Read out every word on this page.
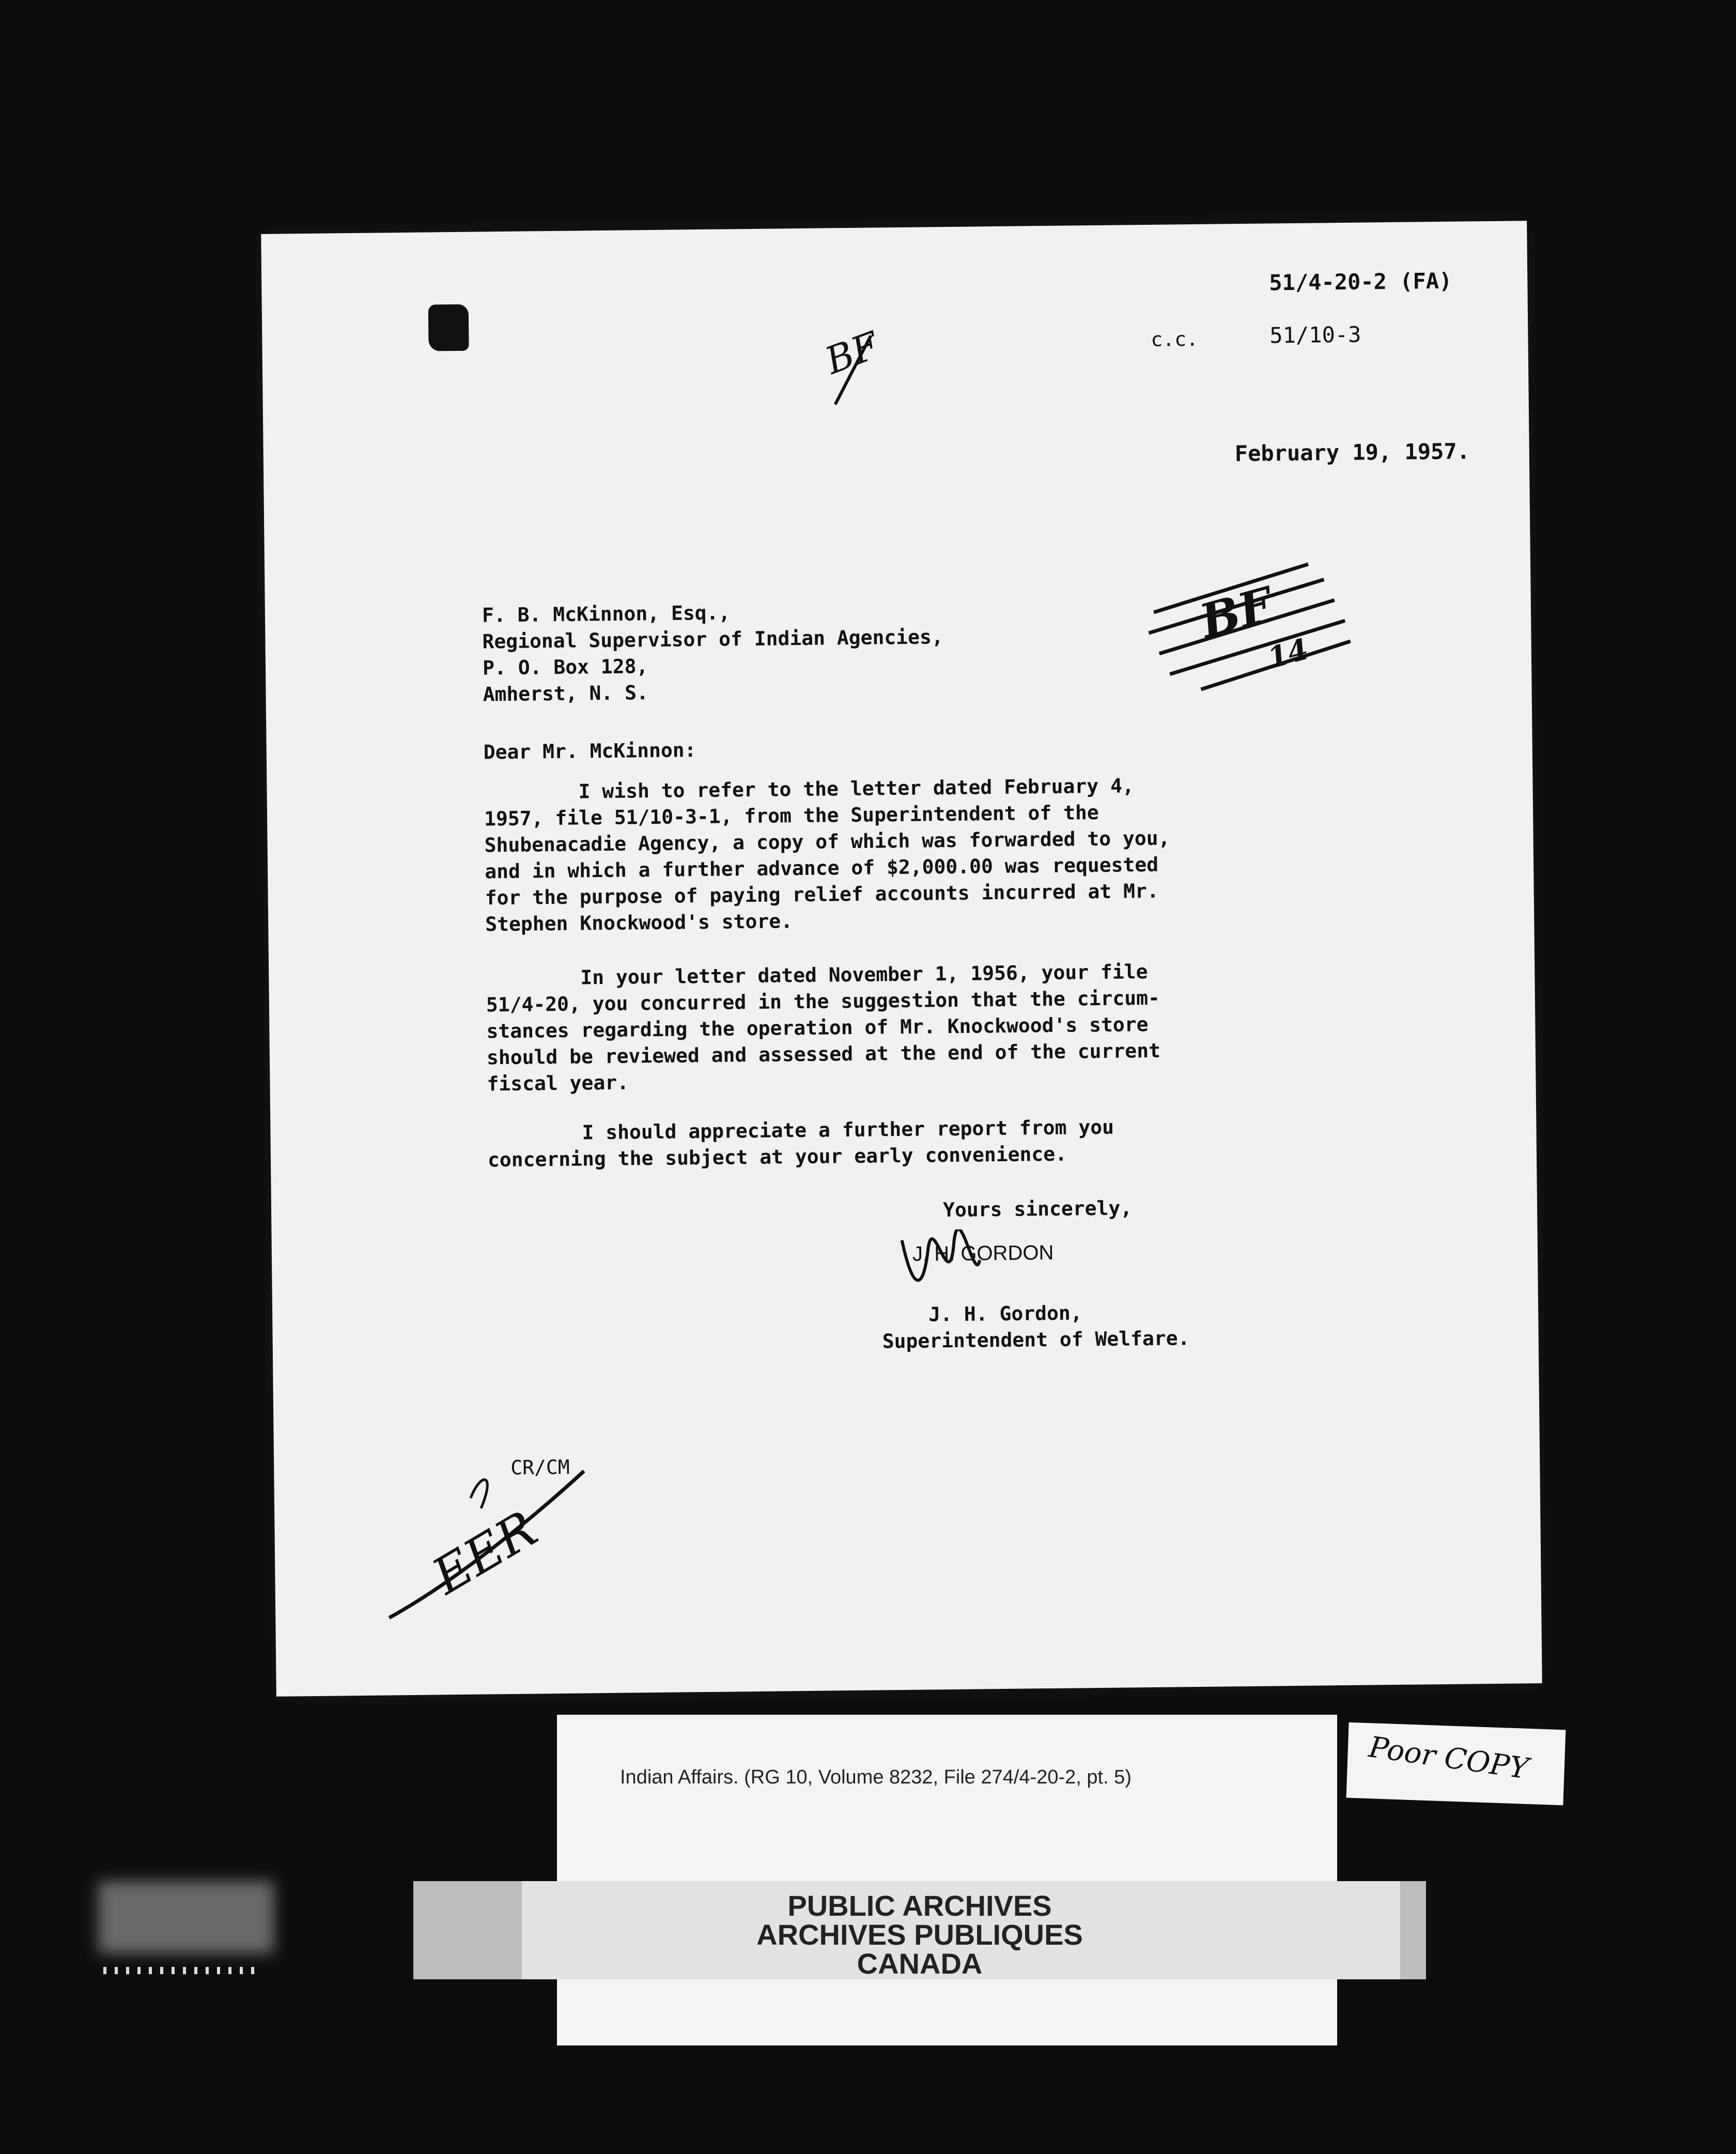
51/4-20-2 (FA)
c.c.	51/10-3
BF
February 19, 1957.
F. B. McKinnon, Esq.,
Regional Supervisor of Indian Agencies,
P. O. Box 128,
Amherst, N. S.
BF
14
Dear Mr. McKinnon:
I wish to refer to the letter dated February 4,
1957, file 51/10-3-1, from the Superintendent of the
Shubenacadie Agency, a copy of which was forwarded to you,
and in which a further advance of $2,000.00 was requested
for the purpose of paying relief accounts incurred at Mr.
Stephen Knockwood's store.
In your letter dated November 1, 1956, your file
51/4-20, you concurred in the suggestion that the circum-
stances regarding the operation of Mr. Knockwood's store
should be reviewed and assessed at the end of the current
fiscal year.
I should appreciate a further report from you
concerning the subject at your early convenience.
Yours sincerely,
J. H. GORDON
J. H. Gordon,
Superintendent of Welfare.
CR/CM
EER
Indian Affairs. (RG 10, Volume 8232, File 274/4-20-2, pt. 5)	Poor COPY
PUBLIC ARCHIVES
ARCHIVES PUBLIQUES
CANADA
